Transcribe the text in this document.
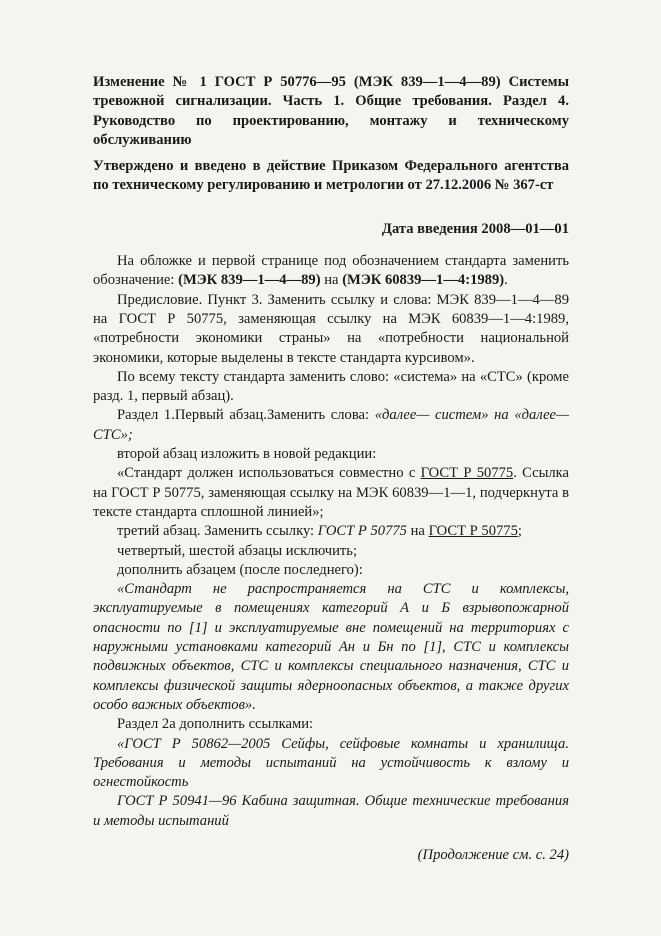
Изменение № 1 ГОСТ Р 50776—95 (МЭК 839—1—4—89) Системы тревожной сигнализации. Часть 1. Общие требования. Раздел 4. Руководство по проектированию, монтажу и техническому обслуживанию

Утверждено и введено в действие Приказом Федерального агентства по техническому регулированию и метрологии от 27.12.2006 № 367-ст

Дата введения 2008—01—01

На обложке и первой странице под обозначением стандарта заменить обозначение: (МЭК 839—1—4—89) на (МЭК 60839—1—4:1989).

Предисловие. Пункт 3. Заменить ссылку и слова: МЭК 839—1—4—89 на ГОСТ Р 50775, заменяющая ссылку на МЭК 60839—1—4:1989, «потребности экономики страны» на «потребности национальной экономики, которые выделены в тексте стандарта курсивом».

По всему тексту стандарта заменить слово: «система» на «СТС» (кроме разд. 1, первый абзац).

Раздел 1.Первый абзац.Заменить слова: «далее— систем» на «далее— СТС»;

второй абзац изложить в новой редакции:

«Стандарт должен использоваться совместно с ГОСТ Р 50775. Ссылка на ГОСТ Р 50775, заменяющая ссылку на МЭК 60839—1—1, подчеркнута в тексте стандарта сплошной линией»;

третий абзац. Заменить ссылку: ГОСТ Р 50775 на ГОСТ Р 50775;

четвертый, шестой абзацы исключить;

дополнить абзацем (после последнего):

«Стандарт не распространяется на СТС и комплексы, эксплуатируемые в помещениях категорий А и Б взрывопожарной опасности по [1] и эксплуатируемые вне помещений на территориях с наружными установками категорий Ан и Бн по [1], СТС и комплексы подвижных объектов, СТС и комплексы специального назначения, СТС и комплексы физической защиты ядерноопасных объектов, а также других особо важных объектов».

Раздел 2а дополнить ссылками:

«ГОСТ Р 50862—2005 Сейфы, сейфовые комнаты и хранилища. Требования и методы испытаний на устойчивость к взлому и огнестойкость

ГОСТ Р 50941—96 Кабина защитная. Общие технические требования и методы испытаний

(Продолжение см. с. 24)
